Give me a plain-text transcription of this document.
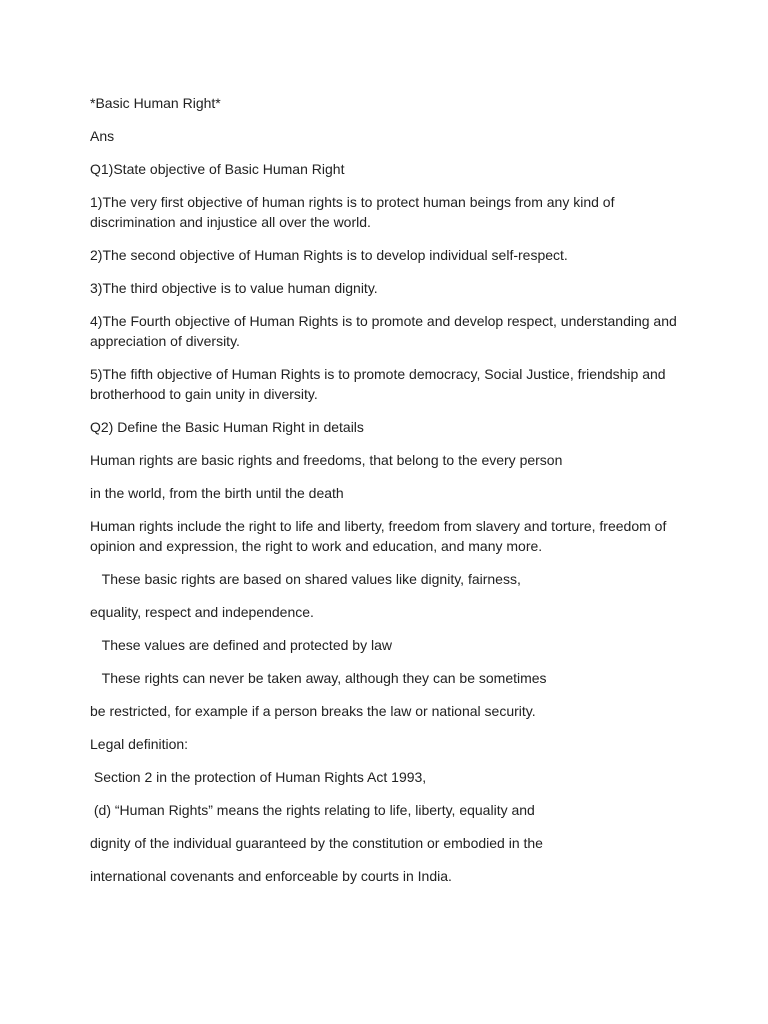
*Basic Human Right*

Ans

Q1)State objective of Basic Human Right

1)The very first objective of human rights is to protect human beings from any kind of discrimination and injustice all over the world.

2)The second objective of Human Rights is to develop individual self-respect.

3)The third objective is to value human dignity.

4)The Fourth objective of Human Rights is to promote and develop respect, understanding and appreciation of diversity.

5)The fifth objective of Human Rights is to promote democracy, Social Justice, friendship and brotherhood to gain unity in diversity.

Q2) Define the Basic Human Right in details

Human rights are basic rights and freedoms, that belong to the every person

in the world, from the birth until the death

Human rights include the right to life and liberty, freedom from slavery and torture, freedom of opinion and expression, the right to work and education, and many more.

These basic rights are based on shared values like dignity, fairness,

equality, respect and independence.

These values are defined and protected by law

These rights can never be taken away, although they can be sometimes

be restricted, for example if a person breaks the law or national security.

Legal definition:

Section 2 in the protection of Human Rights Act 1993,

(d) “Human Rights” means the rights relating to life, liberty, equality and

dignity of the individual guaranteed by the constitution or embodied in the

international covenants and enforceable by courts in India.
